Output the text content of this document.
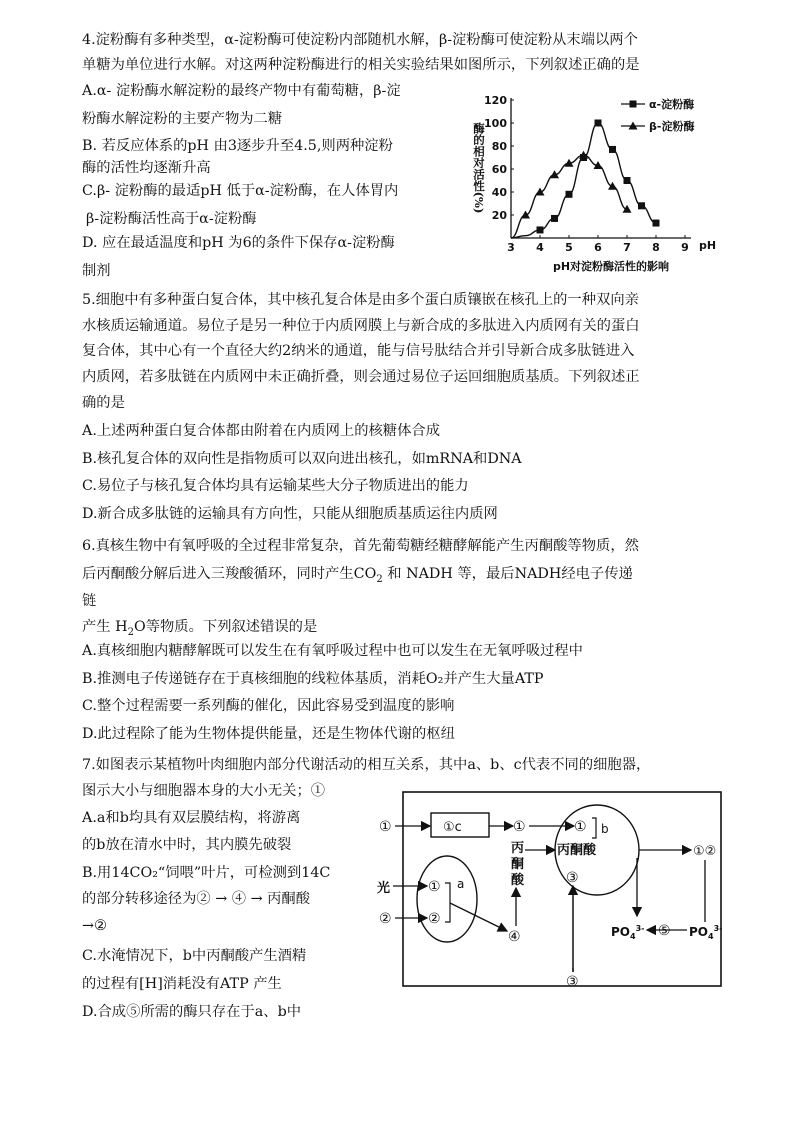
4.淀粉酶有多种类型，α-淀粉酶可使淀粉内部随机水解，β-淀粉酶可使淀粉从末端以两个
单糖为单位进行水解。对这两种淀粉酶进行的相关实验结果如图所示，下列叙述正确的是
A.α- 淀粉酶水解淀粉的最终产物中有葡萄糖，β-淀
粉酶水解淀粉的主要产物为二糖
B. 若反应体系的pH 由3逐步升至4.5,则两种淀粉
酶的活性均逐渐升高
C.β- 淀粉酶的最适pH 低于α-淀粉酶，在人体胃内
β-淀粉酶活性高于α-淀粉酶
D. 应在最适温度和pH 为6的条件下保存α-淀粉酶
制剂
3 4 5 6 7 8 9
20
40
60
80
100
120	α-淀粉酶
β-淀粉酶
酶的相对活性(%)
pH
pH对淀粉酶活性的影响
5.细胞中有多种蛋白复合体，其中核孔复合体是由多个蛋白质镶嵌在核孔上的一种双向亲
水核质运输通道。易位子是另一种位于内质网膜上与新合成的多肽进入内质网有关的蛋白
复合体，其中心有一个直径大约2纳米的通道，能与信号肽结合并引导新合成多肽链进入
内质网，若多肽链在内质网中未正确折叠，则会通过易位子运回细胞质基质。下列叙述正
确的是
A.上述两种蛋白复合体都由附着在内质网上的核糖体合成
B.核孔复合体的双向性是指物质可以双向进出核孔，如mRNA和DNA
C.易位子与核孔复合体均具有运输某些大分子物质进出的能力
D.新合成多肽链的运输具有方向性，只能从细胞质基质运往内质网
6.真核生物中有氧呼吸的全过程非常复杂，首先葡萄糖经糖酵解能产生丙酮酸等物质，然
后丙酮酸分解后进入三羧酸循环，同时产生$CO_2$ 和 NADH 等，最后NADH经电子传递
链
产生 $H_2O$等物质。下列叙述错误的是
A.真核细胞内糖酵解既可以发生在有氧呼吸过程中也可以发生在无氧呼吸过程中
B.推测电子传递链存在于真核细胞的线粒体基质，消耗O₂并产生大量ATP
C.整个过程需要一系列酶的催化，因此容易受到温度的影响
D.此过程除了能为生物体提供能量，还是生物体代谢的枢纽
7.如图表示某植物叶肉细胞内部分代谢活动的相互关系，其中a、b、c代表不同的细胞器，
图示大小与细胞器本身的大小无关；①
A.a和b均具有双层膜结构，将游离
的b放在清水中时，其内膜先破裂
B.用14CO₂“饲喂”叶片，可检测到14C
的部分转移途径为② → ④ → 丙酮酸
→②
C.水淹情况下，b中丙酮酸产生酒精
的过程有[H]消耗没有ATP 产生
D.合成⑤所需的酶只存在于a、b中
①c
a
b
①	①	①
丙
酮
酸
丙酮酸	①②
光	①
②	②
④
③
③
$PO_4^{3-}$ ⑤ $PO_4^{3-}$
